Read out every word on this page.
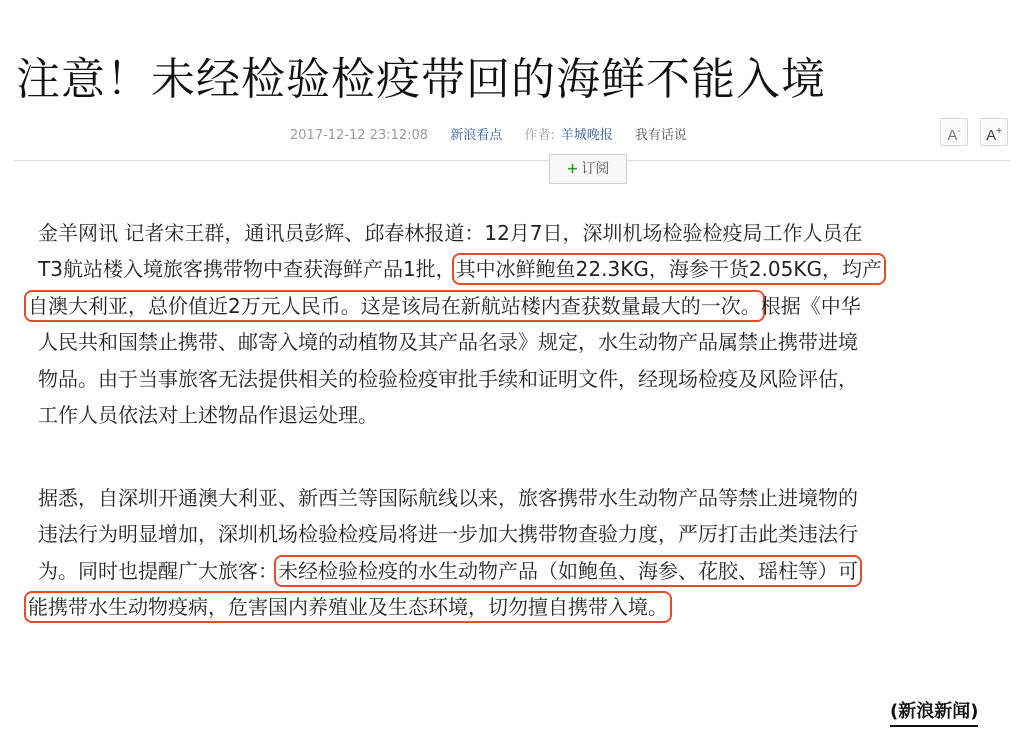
注意！未经检验检疫带回的海鲜不能入境
2017-12-12 23:12:08 新浪看点 作者: 羊城晚报 我有话说	A-	A+
+ 订阅
金羊网讯 记者宋王群，通讯员彭辉、邱春林报道：12月7日，深圳机场检验检疫局工作人员在
T3航站楼入境旅客携带物中查获海鲜产品1批，其中冰鲜鲍鱼22.3KG，海参干货2.05KG，均产
自澳大利亚，总价值近2万元人民币。这是该局在新航站楼内查获数量最大的一次。根据《中华
人民共和国禁止携带、邮寄入境的动植物及其产品名录》规定，水生动物产品属禁止携带进境
物品。由于当事旅客无法提供相关的检验检疫审批手续和证明文件，经现场检疫及风险评估，
工作人员依法对上述物品作退运处理。
据悉，自深圳开通澳大利亚、新西兰等国际航线以来，旅客携带水生动物产品等禁止进境物的
违法行为明显增加，深圳机场检验检疫局将进一步加大携带物查验力度，严厉打击此类违法行
为。同时也提醒广大旅客：未经检验检疫的水生动物产品（如鲍鱼、海参、花胶、瑶柱等）可
能携带水生动物疫病，危害国内养殖业及生态环境，切勿擅自携带入境。
(新浪新闻)
